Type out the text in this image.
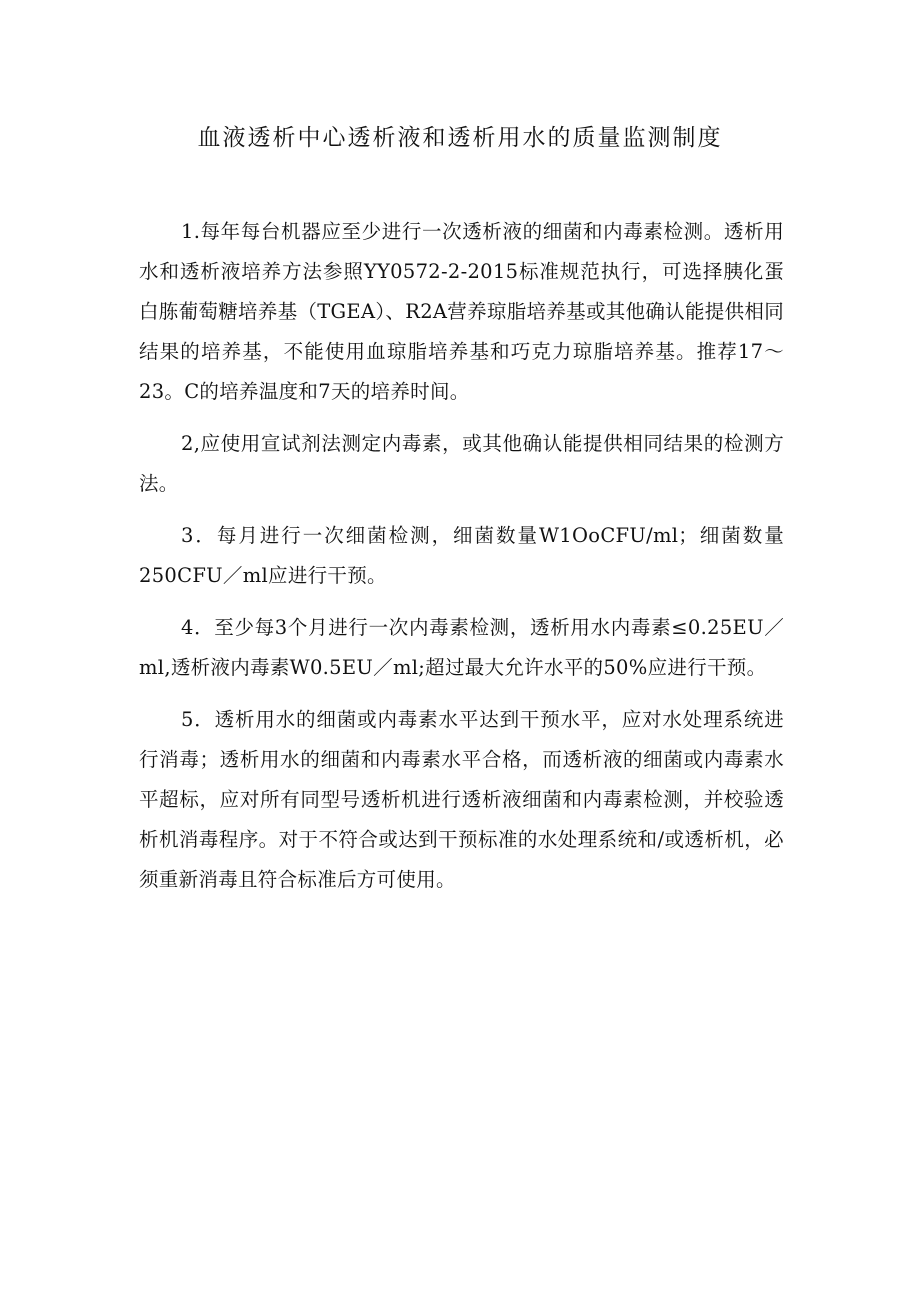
血液透析中心透析液和透析用水的质量监测制度

1.每年每台机器应至少进行一次透析液的细菌和内毒素检测。透析用水和透析液培养方法参照YY0572-2-2015标准规范执行，可选择胰化蛋白胨葡萄糖培养基（TGEA）、R2A营养琼脂培养基或其他确认能提供相同结果的培养基，不能使用血琼脂培养基和巧克力琼脂培养基。推荐17～23。C的培养温度和7天的培养时间。

2,应使用宣试剂法测定内毒素，或其他确认能提供相同结果的检测方法。

3．每月进行一次细菌检测，细菌数量W1OoCFU/ml；细菌数量250CFU／ml应进行干预。

4．至少每3个月进行一次内毒素检测，透析用水内毒素≤0.25EU／ml,透析液内毒素W0.5EU／ml;超过最大允许水平的50%应进行干预。

5．透析用水的细菌或内毒素水平达到干预水平，应对水处理系统进行消毒；透析用水的细菌和内毒素水平合格，而透析液的细菌或内毒素水平超标，应对所有同型号透析机进行透析液细菌和内毒素检测，并校验透析机消毒程序。对于不符合或达到干预标准的水处理系统和/或透析机，必须重新消毒且符合标准后方可使用。
